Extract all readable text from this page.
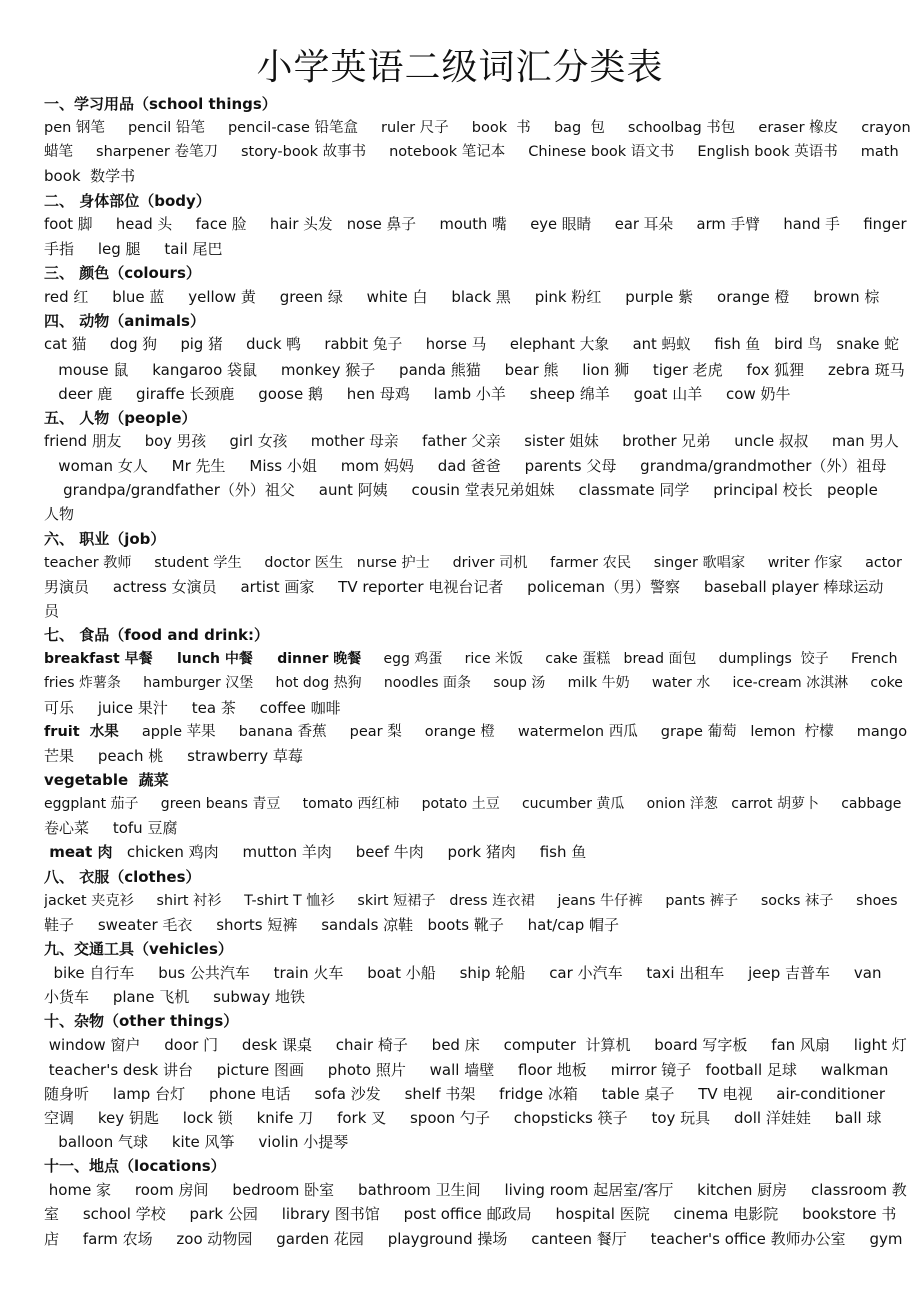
小学英语二级词汇分类表
一、学习用品（school things）
pen 钢笔     pencil 铅笔     pencil-case 铅笔盒     ruler 尺子     book  书     bag  包     schoolbag 书包     eraser 橡皮     crayon
蜡笔     sharpener 卷笔刀     story-book 故事书     notebook 笔记本     Chinese book 语文书     English book 英语书     math
book  数学书
二、 身体部位（body）
foot 脚     head 头     face 脸     hair 头发   nose 鼻子     mouth 嘴     eye 眼睛     ear 耳朵     arm 手臂     hand 手     finger
手指     leg 腿     tail 尾巴
三、 颜色（colours）
red 红     blue 蓝     yellow 黄     green 绿     white 白     black 黑     pink 粉红     purple 紫     orange 橙     brown 棕
四、 动物（animals）
cat 猫     dog 狗     pig 猪     duck 鸭     rabbit 兔子     horse 马     elephant 大象     ant 蚂蚁     fish 鱼   bird 鸟   snake 蛇
mouse 鼠     kangaroo 袋鼠     monkey 猴子     panda 熊猫     bear 熊     lion 狮     tiger 老虎     fox 狐狸     zebra 斑马
deer 鹿     giraffe 长颈鹿     goose 鹅     hen 母鸡     lamb 小羊     sheep 绵羊     goat 山羊     cow 奶牛
五、 人物（people）
friend 朋友     boy 男孩     girl 女孩     mother 母亲     father 父亲     sister 姐妹     brother 兄弟     uncle 叔叔     man 男人
woman 女人     Mr 先生     Miss 小姐     mom 妈妈     dad 爸爸     parents 父母     grandma/grandmother（外）祖母
grandpa/grandfather（外）祖父     aunt 阿姨     cousin 堂表兄弟姐妹     classmate 同学     principal 校长   people
人物
六、 职业（job）
teacher 教师     student 学生     doctor 医生   nurse 护士     driver 司机     farmer 农民     singer 歌唱家     writer 作家     actor
男演员     actress 女演员     artist 画家     TV reporter 电视台记者     policeman（男）警察     baseball player 棒球运动
员
七、 食品（food and drink:）
breakfast 早餐     lunch 中餐     dinner 晚餐     egg 鸡蛋     rice 米饭     cake 蛋糕   bread 面包     dumplings  饺子     French
fries 炸薯条     hamburger 汉堡     hot dog 热狗     noodles 面条     soup 汤     milk 牛奶     water 水     ice-cream 冰淇淋     coke
可乐     juice 果汁     tea 茶     coffee 咖啡
fruit  水果     apple 苹果     banana 香蕉     pear 梨     orange 橙     watermelon 西瓜     grape 葡萄   lemon  柠檬     mango
芒果     peach 桃     strawberry 草莓
vegetable  蔬菜
eggplant 茄子     green beans 青豆     tomato 西红柿     potato 土豆     cucumber 黄瓜     onion 洋葱   carrot 胡萝卜     cabbage
卷心菜     tofu 豆腐
meat 肉   chicken 鸡肉     mutton 羊肉     beef 牛肉     pork 猪肉     fish 鱼
八、 衣服（clothes）
jacket 夹克衫     shirt 衬衫     T-shirt T 恤衫     skirt 短裙子   dress 连衣裙     jeans 牛仔裤     pants 裤子     socks 袜子     shoes
鞋子     sweater 毛衣     shorts 短裤     sandals 凉鞋   boots 靴子     hat/cap 帽子
九、交通工具（vehicles）
bike 自行车     bus 公共汽车     train 火车     boat 小船     ship 轮船     car 小汽车     taxi 出租车     jeep 吉普车     van
小货车     plane 飞机     subway 地铁
十、杂物（other things）
window 窗户     door 门     desk 课桌     chair 椅子     bed 床     computer  计算机     board 写字板     fan 风扇     light 灯
teacher's desk 讲台     picture 图画     photo 照片     wall 墙壁     floor 地板     mirror 镜子   football 足球     walkman
随身听     lamp 台灯     phone 电话     sofa 沙发     shelf 书架     fridge 冰箱     table 桌子     TV 电视     air-conditioner
空调     key 钥匙     lock 锁     knife 刀     fork 叉     spoon 勺子     chopsticks 筷子     toy 玩具     doll 洋娃娃     ball 球
balloon 气球     kite 风筝     violin 小提琴
十一、地点（locations）
home 家     room 房间     bedroom 卧室     bathroom 卫生间     living room 起居室/客厅     kitchen 厨房     classroom 教
室     school 学校     park 公园     library 图书馆     post office 邮政局     hospital 医院     cinema 电影院     bookstore 书
店     farm 农场     zoo 动物园     garden 花园     playground 操场     canteen 餐厅     teacher's office 教师办公室     gym
